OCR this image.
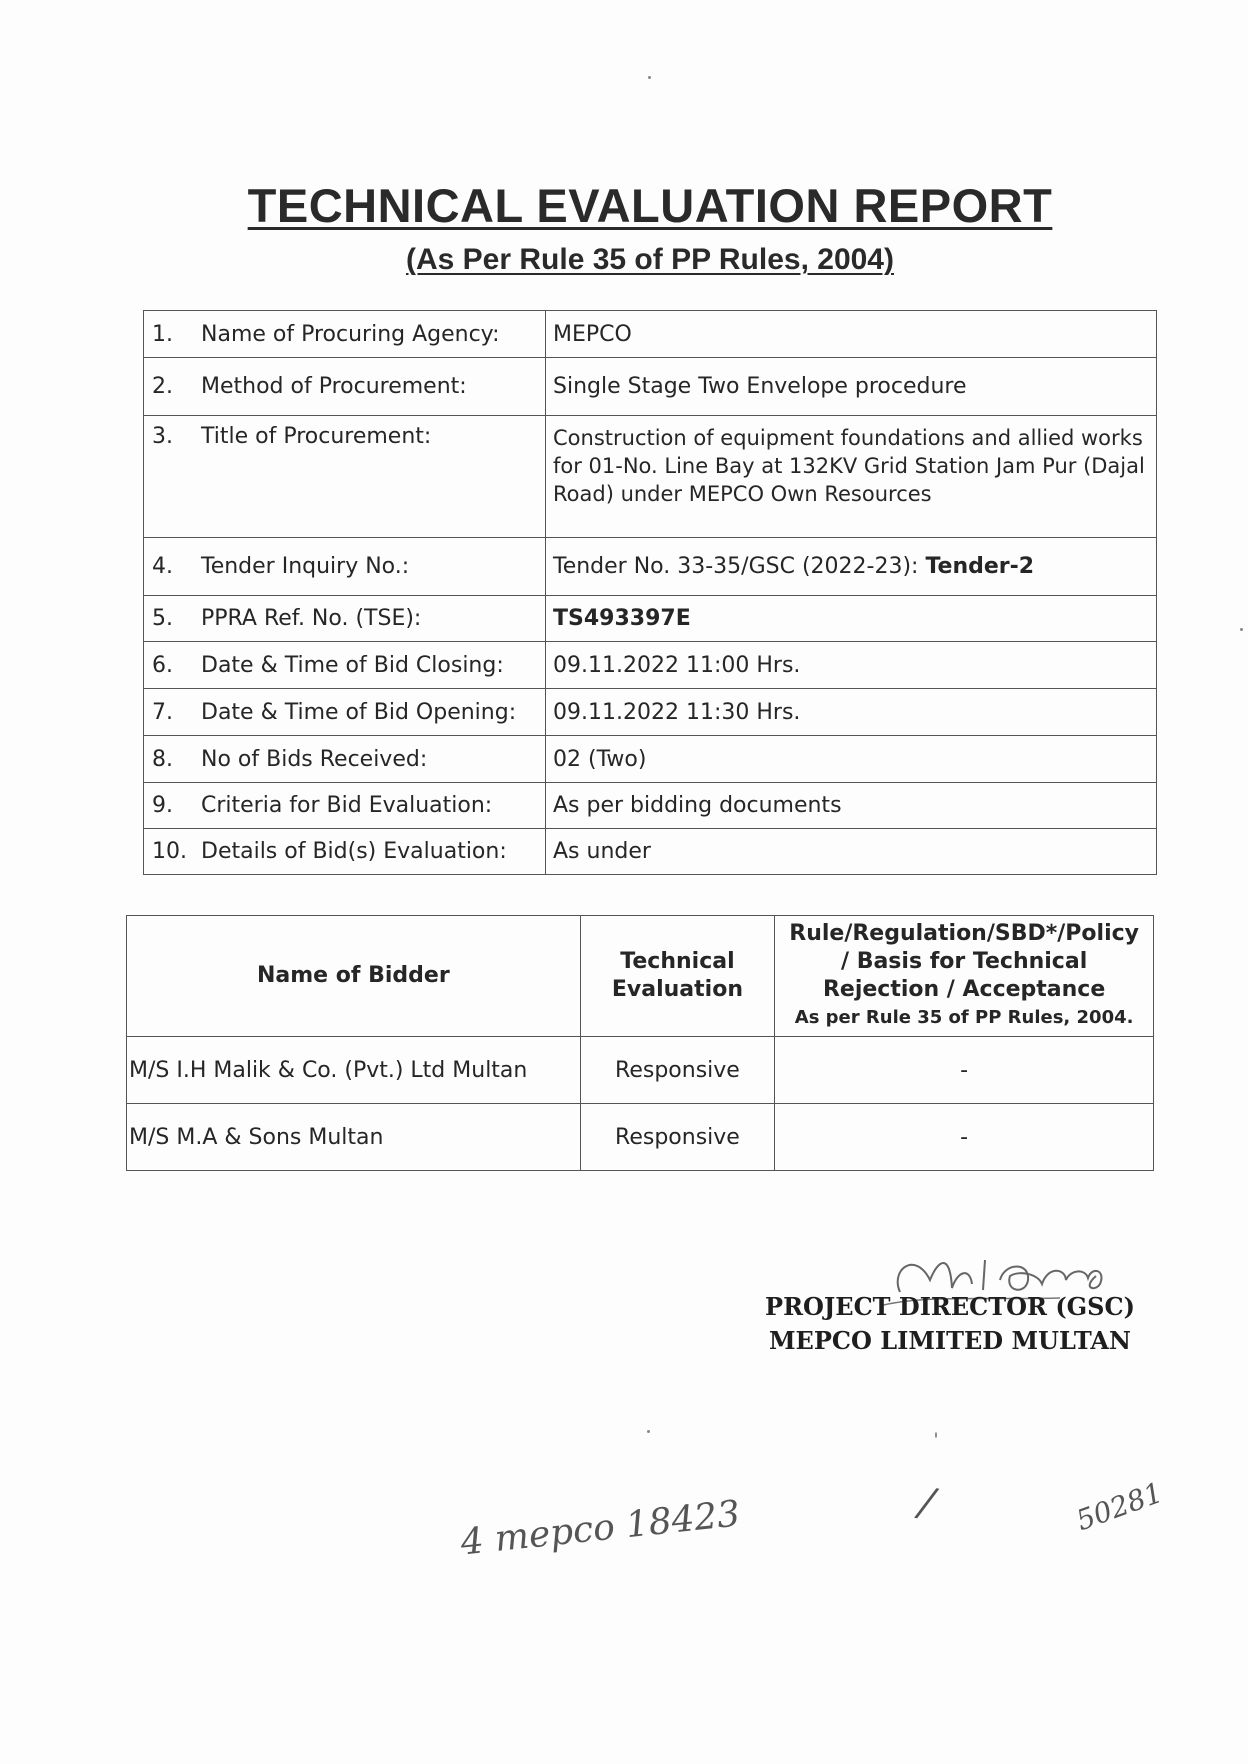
TECHNICAL EVALUATION REPORT
(As Per Rule 35 of PP Rules, 2004)
1.	Name of Procuring Agency:	MEPCO
2.	Method of Procurement:	Single Stage Two Envelope procedure
3.	Title of Procurement:	Construction of equipment foundations and allied works for 01-No. Line Bay at 132KV Grid Station Jam Pur (Dajal Road) under MEPCO Own Resources
4.	Tender Inquiry No.:	Tender No. 33-35/GSC (2022-23): Tender-2
5.	PPRA Ref. No. (TSE):	TS493397E
6.	Date & Time of Bid Closing:	09.11.2022 11:00 Hrs.
7.	Date & Time of Bid Opening:	09.11.2022 11:30 Hrs.
8.	No of Bids Received:	02 (Two)
9.	Criteria for Bid Evaluation:	As per bidding documents
10.	Details of Bid(s) Evaluation:	As under
Name of Bidder	Technical Evaluation	Rule/Regulation/SBD*/Policy / Basis for Technical Rejection / Acceptance
As per Rule 35 of PP Rules, 2004.

M/S I.H Malik & Co. (Pvt.) Ltd Multan	Responsive	-
M/S M.A & Sons Multan	Responsive	-
PROJECT DIRECTOR (GSC)
MEPCO LIMITED MULTAN
4 mepco 18423	/	50281
